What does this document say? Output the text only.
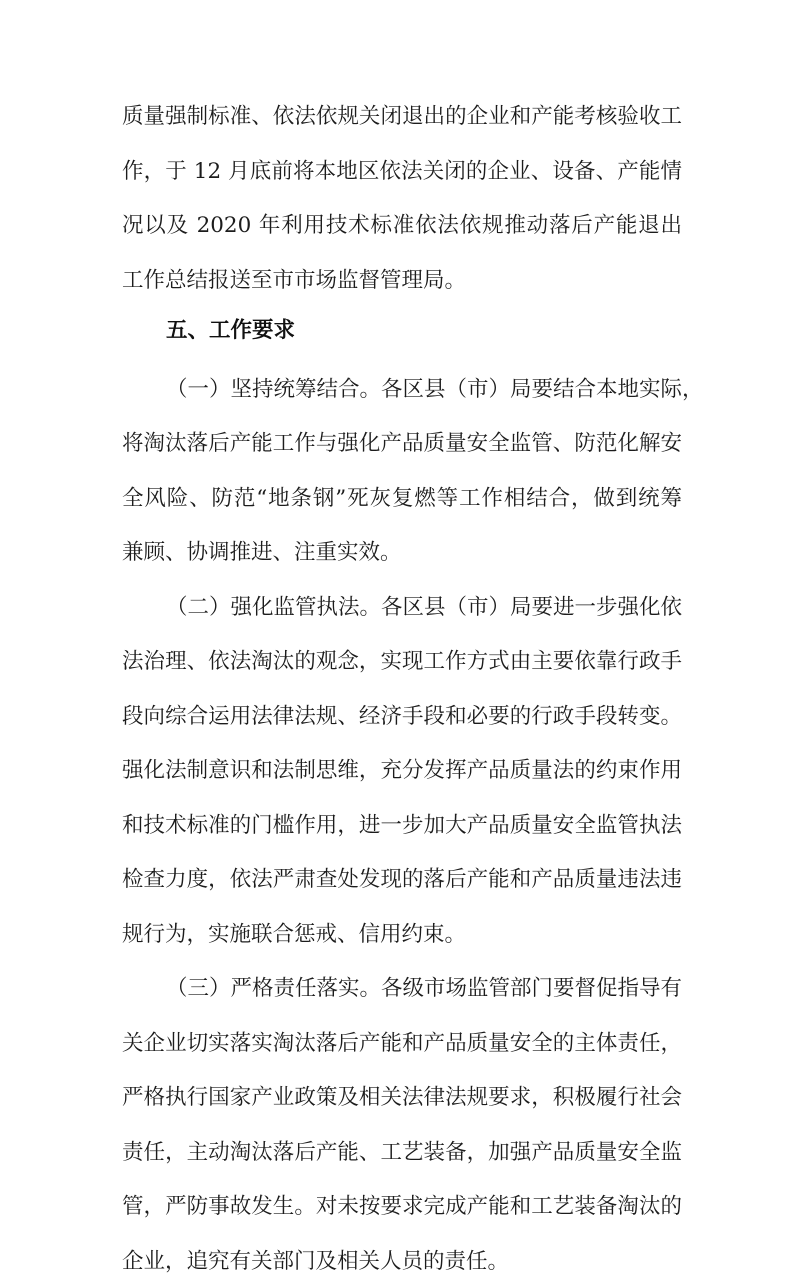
质量强制标准、依法依规关闭退出的企业和产能考核验收工
作，于 12 月底前将本地区依法关闭的企业、设备、产能情
况以及 2020 年利用技术标准依法依规推动落后产能退出
工作总结报送至市市场监督管理局。
五、工作要求
（一）坚持统筹结合。各区县（市）局要结合本地实际，
将淘汰落后产能工作与强化产品质量安全监管、防范化解安
全风险、防范“地条钢”死灰复燃等工作相结合，做到统筹
兼顾、协调推进、注重实效。
（二）强化监管执法。各区县（市）局要进一步强化依
法治理、依法淘汰的观念，实现工作方式由主要依靠行政手
段向综合运用法律法规、经济手段和必要的行政手段转变。
强化法制意识和法制思维，充分发挥产品质量法的约束作用
和技术标准的门槛作用，进一步加大产品质量安全监管执法
检查力度，依法严肃查处发现的落后产能和产品质量违法违
规行为，实施联合惩戒、信用约束。
（三）严格责任落实。各级市场监管部门要督促指导有
关企业切实落实淘汰落后产能和产品质量安全的主体责任，
严格执行国家产业政策及相关法律法规要求，积极履行社会
责任，主动淘汰落后产能、工艺装备，加强产品质量安全监
管，严防事故发生。对未按要求完成产能和工艺装备淘汰的
企业，追究有关部门及相关人员的责任。
